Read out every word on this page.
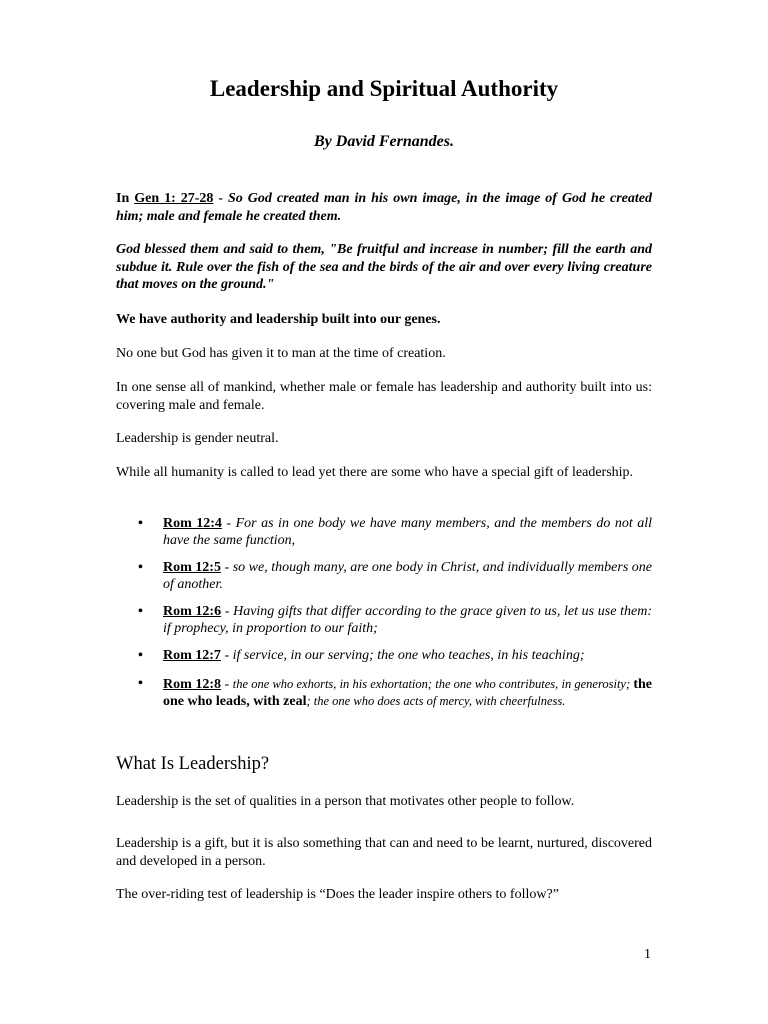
Leadership and Spiritual Authority
By David Fernandes.
In Gen 1: 27-28 - So God created man in his own image, in the image of God he created him; male and female he created them.
God blessed them and said to them, "Be fruitful and increase in number; fill the earth and subdue it. Rule over the fish of the sea and the birds of the air and over every living creature that moves on the ground."
We have authority and leadership built into our genes.
No one but God has given it to man at the time of creation.
In one sense all of mankind, whether male or female has leadership and authority built into us: covering male and female.
Leadership is gender neutral.
While all humanity is called to lead yet there are some who have a special gift of leadership.
• Rom 12:4 - For as in one body we have many members, and the members do not all have the same function,
• Rom 12:5 - so we, though many, are one body in Christ, and individually members one of another.
• Rom 12:6 - Having gifts that differ according to the grace given to us, let us use them: if prophecy, in proportion to our faith;
• Rom 12:7 - if service, in our serving; the one who teaches, in his teaching;
• Rom 12:8 - the one who exhorts, in his exhortation; the one who contributes, in generosity; the one who leads, with zeal; the one who does acts of mercy, with cheerfulness.
What Is Leadership?
Leadership is the set of qualities in a person that motivates other people to follow.
Leadership is a gift, but it is also something that can and need to be learnt, nurtured, discovered and developed in a person.
The over-riding test of leadership is “Does the leader inspire others to follow?”
1
